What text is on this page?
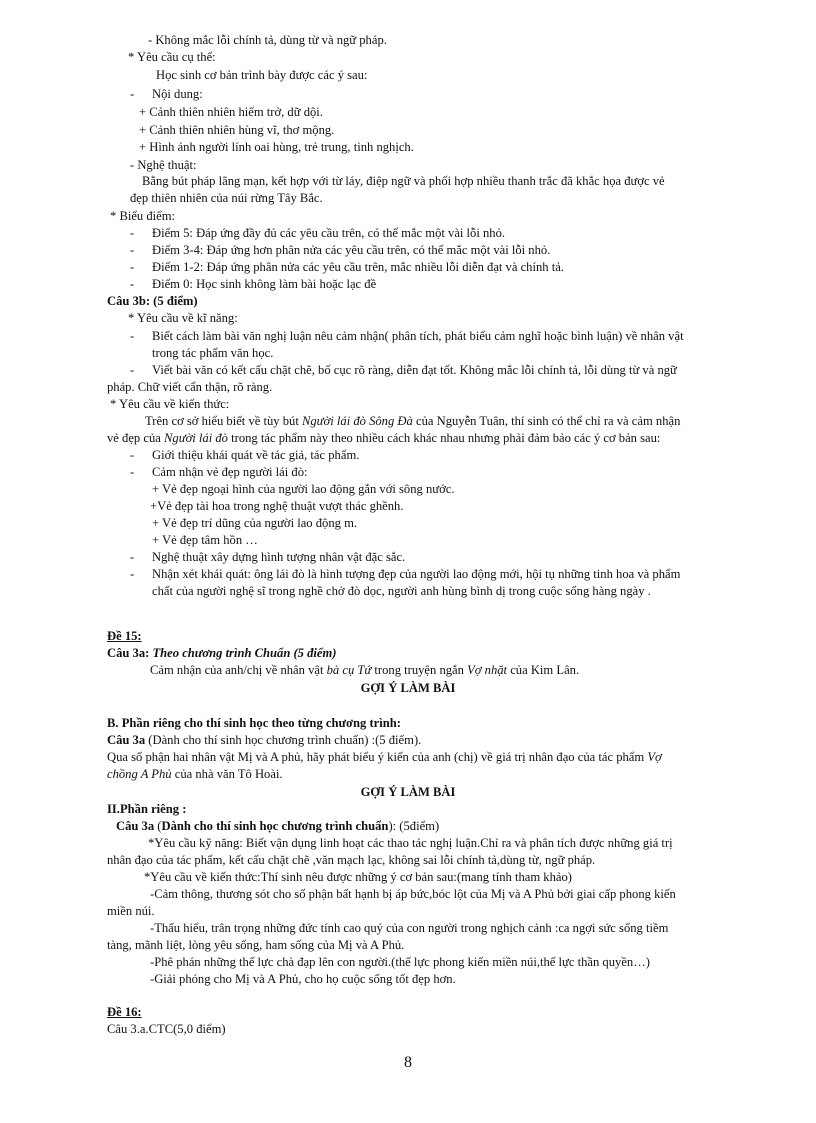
- Không mắc lỗi chính tả, dùng từ và ngữ pháp.
* Yêu cầu cụ thể:
Học sinh cơ bản trình bày được các ý sau:
- Nội dung:
+ Cảnh thiên nhiên hiểm trở, dữ dội.
+ Cảnh thiên nhiên hùng vĩ, thơ mộng.
+ Hình ảnh người lính oai hùng, trẻ trung, tinh nghịch.
- Nghệ thuật:
Bằng bút pháp lãng mạn, kết hợp với từ láy, điệp ngữ và phối hợp nhiều thanh trắc đã khắc họa được vẻ
đẹp thiên nhiên của núi rừng Tây Bắc.
* Biểu điểm:
- Điểm 5: Đáp ứng đầy đủ các yêu cầu trên, có thể mắc một vài lỗi nhỏ.
- Điểm 3-4: Đáp ứng hơn phân nửa các yêu cầu trên, có thể mắc một vài lỗi nhỏ.
- Điểm 1-2: Đáp ứng phân nửa các yêu cầu trên, mắc nhiều lỗi diễn đạt và chính tả.
- Điểm 0: Học sinh không làm bài hoặc lạc đề
Câu 3b: (5 điểm)
* Yêu cầu về kĩ năng:
- Biết cách làm bài văn nghị luận nêu cảm nhận( phân tích, phát biểu cảm nghĩ hoặc bình luận) về nhân vật
trong tác phẩm văn học.
- Viết bài văn có kết cấu chặt chẽ, bố cục rõ ràng, diễn đạt tốt. Không mắc lỗi chính tả, lỗi dùng từ và ngữ
pháp. Chữ viết cẩn thận, rõ ràng.
* Yêu cầu về kiến thức:
Trên cơ sở hiểu biết về tùy bút Người lái đò Sông Đà của Nguyễn Tuân, thí sinh có thể chỉ ra và cảm nhận
vẻ đẹp của Người lái đò trong tác phẩm này theo nhiều cách khác nhau nhưng phải đảm bảo các ý cơ bản sau:
- Giới thiệu khái quát về tác giả, tác phẩm.
- Cảm nhận vẻ đẹp người lái đò:
+ Vẻ đẹp ngoại hình của người lao động gắn với sông nước.
+Vẻ đẹp tài hoa trong nghệ thuật vượt thác ghềnh.
+ Vẻ đẹp trí dũng của người lao động m.
+ Vẻ đẹp tâm hồn …
- Nghệ thuật xây dựng hình tượng nhân vật đặc sắc.
- Nhận xét khái quát: ông lái đò là hình tượng đẹp của người lao động mới, hội tụ những tinh hoa và phẩm
chất của người nghệ sĩ trong nghề chở đò dọc, người anh hùng bình dị trong cuộc sống hàng ngày .
Đề 15:
Câu 3a: Theo chương trình Chuẩn (5 điểm)
Cảm nhận của anh/chị về nhân vật bà cụ Tứ trong truyện ngắn Vợ nhặt của Kim Lân.
GỢI Ý LÀM BÀI
B. Phần riêng cho thí sinh học theo từng chương trình:
Câu 3a (Dành cho thí sinh học chương trình chuẩn) :(5 điểm).
Qua số phận hai nhân vật Mị và A phủ, hãy phát biểu ý kiến của anh (chị) về giá trị nhân đạo của tác phẩm Vợ
chồng A Phủ của nhà văn Tô Hoài.
GỢI Ý LÀM BÀI
II.Phần riêng :
Câu 3a (Dành cho thí sinh học chương trình chuẩn): (5điểm)
*Yêu cầu kỹ năng: Biết vận dụng linh hoạt các thao tác nghị luận.Chỉ ra và phân tích được những giá trị
nhân đạo của tác phẩm, kết cấu chặt chẽ ,văn mạch lạc, không sai lỗi chính tả,dùng từ, ngữ pháp.
*Yêu cầu về kiến thức:Thí sinh nêu được những ý cơ bản sau:(mang tính tham khảo)
-Cảm thông, thương sót cho số phận bất hạnh bị áp bức,bóc lột của Mị và A Phủ bởi giai cấp phong kiến
miền núi.
-Thấu hiểu, trân trọng những đức tính cao quý của con người trong nghịch cảnh :ca ngợi sức sống tiềm
tàng, mãnh liệt, lòng yêu sống, ham sống của Mị và A Phủ.
-Phê phán những thế lực chà đạp lên con người.(thế lực phong kiến miền núi,thế lực thần quyền…)
-Giải phóng cho Mị và A Phủ, cho họ cuộc sống tốt đẹp hơn.
Đề 16:
Câu 3.a.CTC(5,0 điểm)
8
